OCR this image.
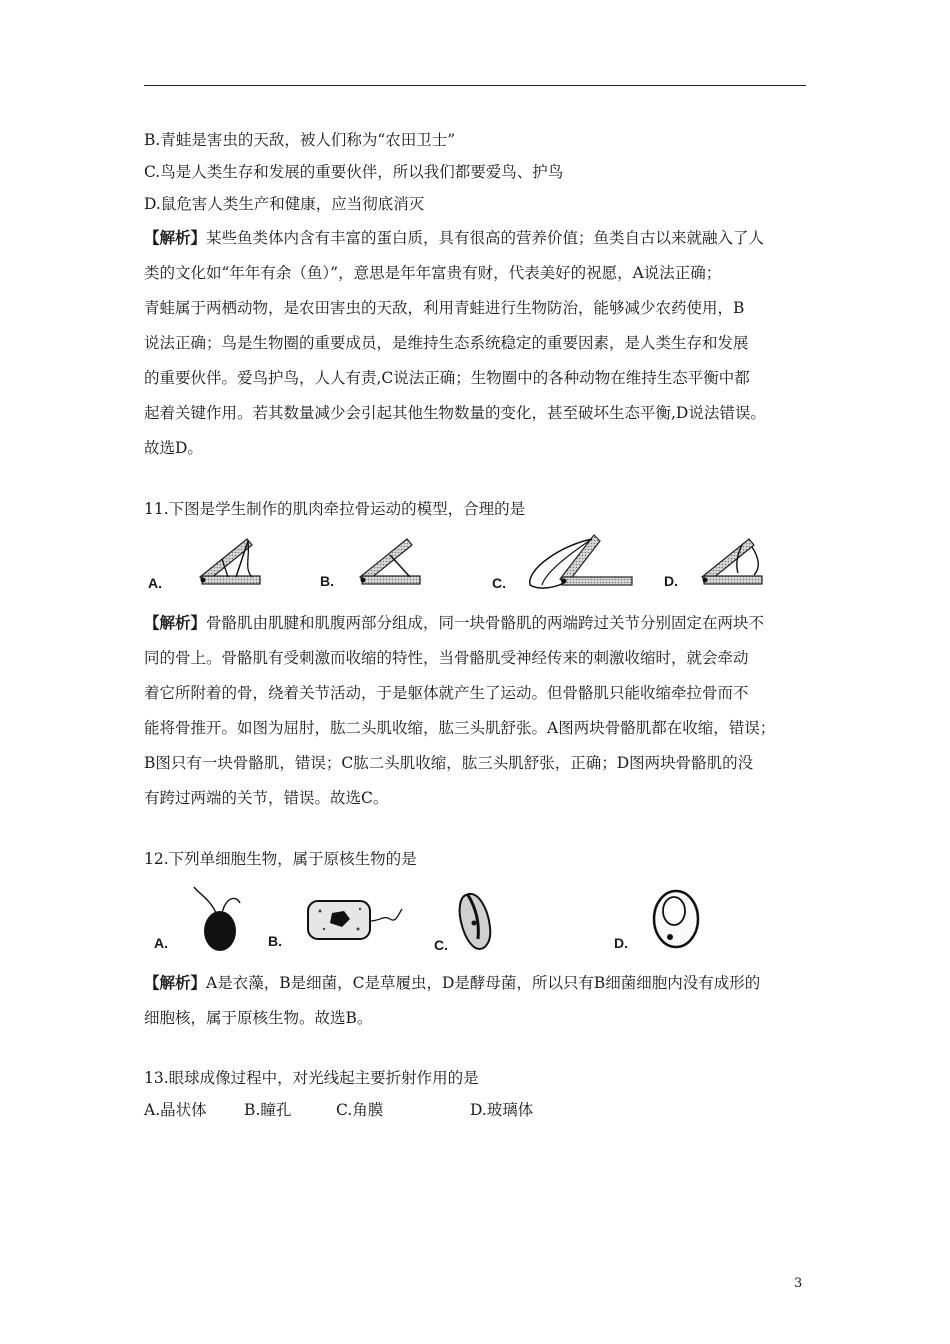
B.青蛙是害虫的天敌，被人们称为“农田卫士”
C.鸟是人类生存和发展的重要伙伴，所以我们都要爱鸟、护鸟
D.鼠危害人类生产和健康，应当彻底消灭
【解析】某些鱼类体内含有丰富的蛋白质，具有很高的营养价值；鱼类自古以来就融入了人
类的文化如“年年有余（鱼）”，意思是年年富贵有财，代表美好的祝愿，A说法正确；
青蛙属于两栖动物，是农田害虫的天敌，利用青蛙进行生物防治，能够减少农药使用，B
说法正确；鸟是生物圈的重要成员，是维持生态系统稳定的重要因素，是人类生存和发展
的重要伙伴。爱鸟护鸟，人人有责,C说法正确；生物圈中的各种动物在维持生态平衡中都
起着关键作用。若其数量减少会引起其他生物数量的变化，甚至破坏生态平衡,D说法错误。
故选D。
11.下图是学生制作的肌肉牵拉骨运动的模型，合理的是
A.	B.	C.	D.
【解析】骨骼肌由肌腱和肌腹两部分组成，同一块骨骼肌的两端跨过关节分别固定在两块不
同的骨上。骨骼肌有受刺激而收缩的特性，当骨骼肌受神经传来的刺激收缩时，就会牵动
着它所附着的骨，绕着关节活动，于是躯体就产生了运动。但骨骼肌只能收缩牵拉骨而不
能将骨推开。如图为屈肘，肱二头肌收缩，肱三头肌舒张。A图两块骨骼肌都在收缩，错误；
B图只有一块骨骼肌，错误；C肱二头肌收缩，肱三头肌舒张，正确；D图两块骨骼肌的没
有跨过两端的关节，错误。故选C。
12.下列单细胞生物，属于原核生物的是
A.	B.	C.	D.
【解析】A是衣藻，B是细菌，C是草履虫，D是酵母菌，所以只有B细菌细胞内没有成形的
细胞核，属于原核生物。故选B。
13.眼球成像过程中，对光线起主要折射作用的是
A.晶状体	B.瞳孔	C.角膜	D.玻璃体
3
